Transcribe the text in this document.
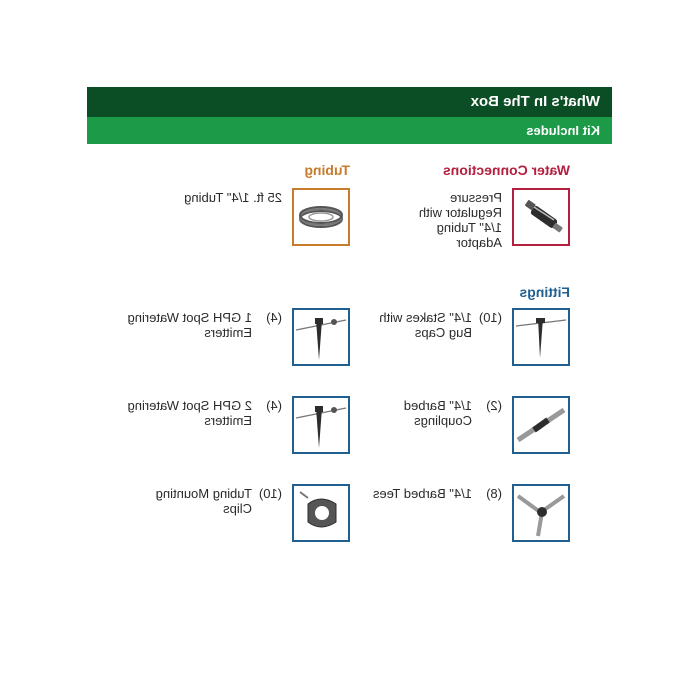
What's In The Box
Kit Includes
Water Connections
Tubing
Fittings
Pressure Regulator with 1/4" Tubing Adaptor
25 ft. 1/4" Tubing
(10)
1/4" Stakes with Bug Caps
(4)
1 GPH Spot Watering Emitters
(2)
1/4" Barbed Couplings
(4)
2 GPH Spot Watering Emitters
(8)
1/4" Barbed Tees
(10)
Tubing Mounting Clips
